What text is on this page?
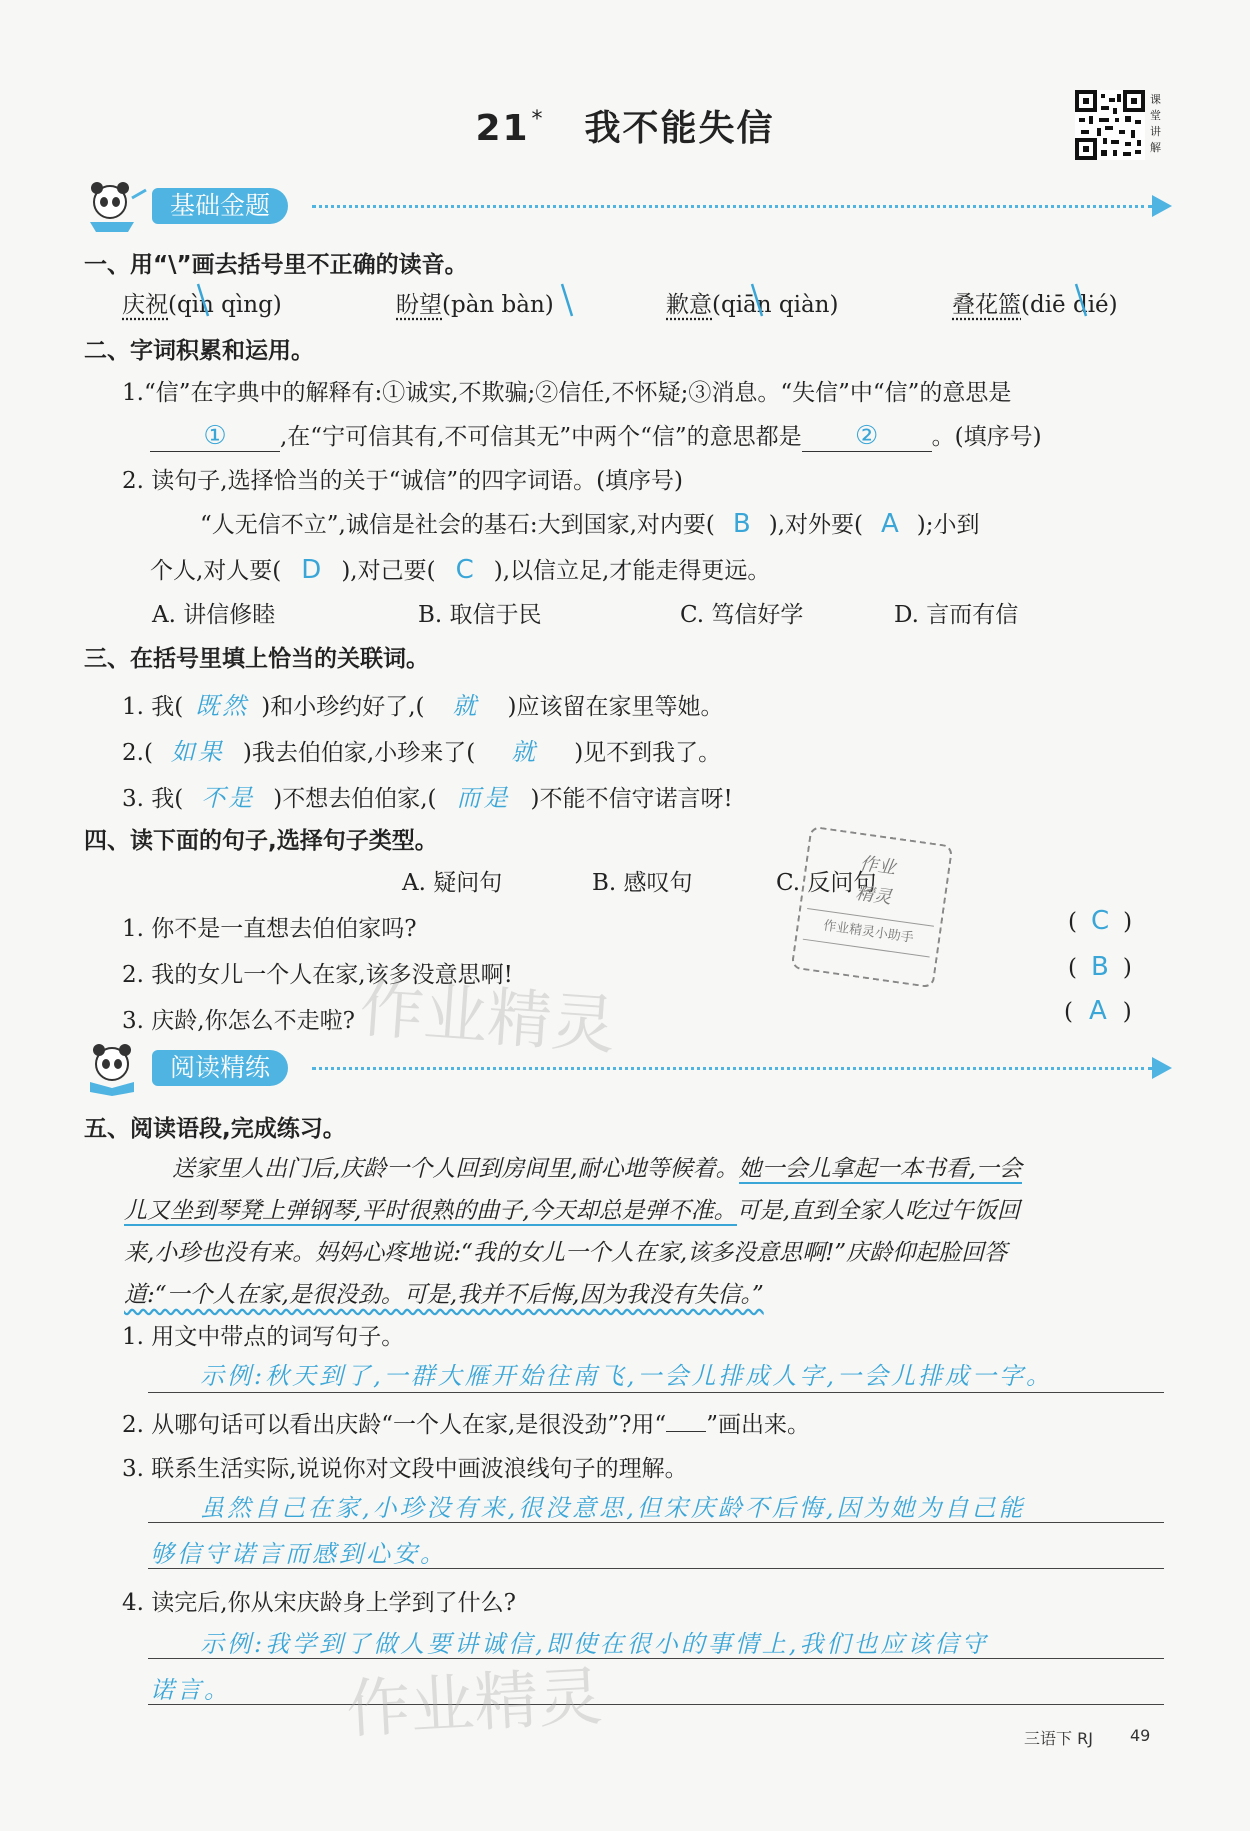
21* 我不能失信
课堂讲解
基础金题
一、用“\”画去括号里不正确的读音。
庆祝(qìn qìng)	盼望(pàn bàn)	歉意(qiān qiàn)	叠花篮(diē dié)
二、字词积累和运用。
1.“信”在字典中的解释有:①诚实,不欺骗;②信任,不怀疑;③消息。“失信”中“信”的意思是
① ,在“宁可信其有,不可信其无”中两个“信”的意思都是 ② 。(填序号)
2. 读句子,选择恰当的关于“诚信”的四字词语。(填序号)
“人无信不立”,诚信是社会的基石:大到国家,对内要( B ),对外要( A );小到
个人,对人要( D ),对己要( C ),以信立足,才能走得更远。
A. 讲信修睦	B. 取信于民	C. 笃信好学	D. 言而有信
三、在括号里填上恰当的关联词。
1. 我( 既然 )和小珍约好了,( 就 )应该留在家里等她。
2.( 如果 )我去伯伯家,小珍来了( 就 )见不到我了。
3. 我( 不是 )不想去伯伯家,( 而是 )不能不信守诺言呀!
四、读下面的句子,选择句子类型。
A. 疑问句	B. 感叹句	C. 反问句
1. 你不是一直想去伯伯家吗?	( C )
2. 我的女儿一个人在家,该多没意思啊!	( B )
3. 庆龄,你怎么不走啦?	( A )
作业
精灵
作业精灵小助手
作业精灵
阅读精练
五、阅读语段,完成练习。
送家里人出门后,庆龄一个人回到房间里,耐心地等候着。她一会儿拿起一本书看,一会
儿又坐到琴凳上弹钢琴,平时很熟的曲子,今天却总是弹不准。可是,直到全家人吃过午饭回
来,小珍也没有来。妈妈心疼地说:“我的女儿一个人在家,该多没意思啊!”庆龄仰起脸回答
道:“一个人在家,是很没劲。可是,我并不后悔,因为我没有失信。”
1. 用文中带点的词写句子。
示例:秋天到了,一群大雁开始往南飞,一会儿排成人字,一会儿排成一字。
2. 从哪句话可以看出庆龄“一个人在家,是很没劲”?用“ ”画出来。
3. 联系生活实际,说说你对文段中画波浪线句子的理解。
虽然自己在家,小珍没有来,很没意思,但宋庆龄不后悔,因为她为自己能
够信守诺言而感到心安。
4. 读完后,你从宋庆龄身上学到了什么?
示例:我学到了做人要讲诚信,即使在很小的事情上,我们也应该信守
诺言。 作业精灵	三语下 RJ 49
